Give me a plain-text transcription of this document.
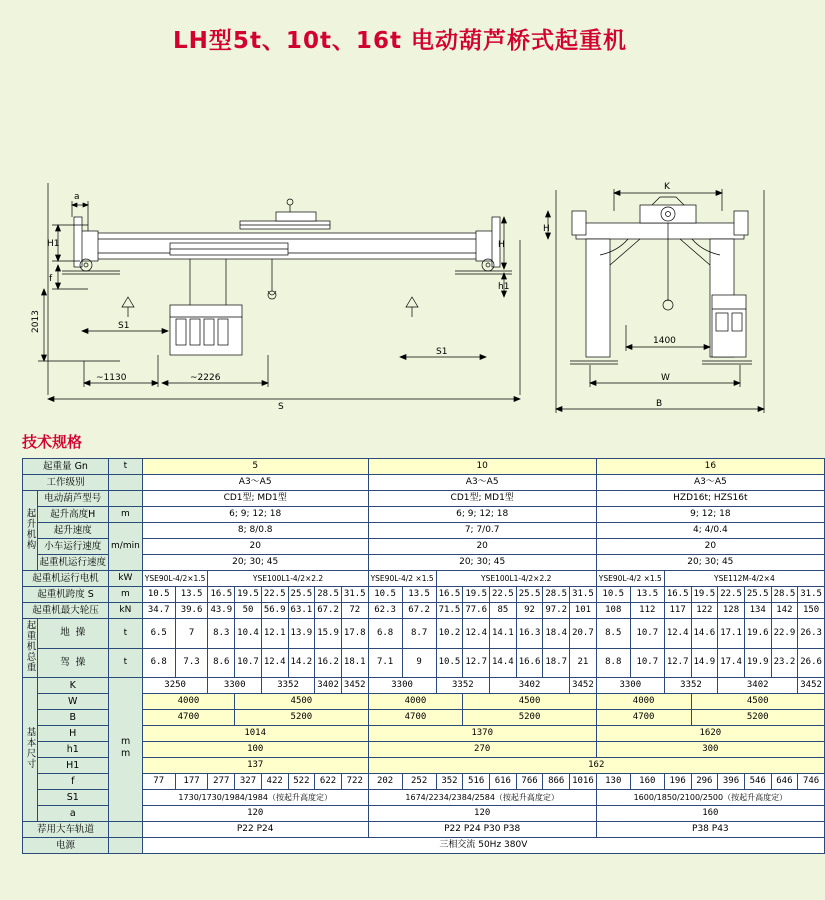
LH型5t、10t、16t 电动葫芦桥式起重机
a
H1
f
2013	S1
~1130	~2226
S
S1
H
h1
K
H
1400
W
B
技术规格
起重量 Gn		t	5								10								16							
工作级别			A3～A5								A3～A5								A3～A5							
起升机构	电动葫芦型号		CD1型; MD1型								CD1型; MD1型								HZD16t; HZS16t							
	起升高度H	m	6; 9; 12; 18								6; 9; 12; 18								9; 12; 18							
	起升速度	m/min	8; 8/0.8								7; 7/0.7								4; 4/0.4							
	小车运行速度		20								20								20							
	起重机运行速度		20; 30; 45								20; 30; 45								20; 30; 45							
起重机运行电机		kW	YSE90L-4/2×1.5		YSE100L1-4/2×2.2						YSE90L-4/2 ×1.5		YSE100L1-4/2×2.2						YSE90L-4/2 ×1.5		YSE112M-4/2×4					
起重机跨度 S		m	10.5	13.5	16.5	19.5	22.5	25.5	28.5	31.5	10.5	13.5	16.5	19.5	22.5	25.5	28.5	31.5	10.5	13.5	16.5	19.5	22.5	25.5	28.5	31.5
起重机最大轮压		kN	34.7	39.6	43.9	50	56.9	63.1	67.2	72	62.3	67.2	71.5	77.6	85	92	97.2	101	108	112	117	122	128	134	142	150
起重机总重	地 操	t	6.5	7	8.3	10.4	12.1	13.9	15.9	17.8	6.8	8.7	10.2	12.4	14.1	16.3	18.4	20.7	8.5	10.7	12.4	14.6	17.1	19.6	22.9	26.3
	驾 操	t	6.8	7.3	8.6	10.7	12.4	14.2	16.2	18.1	7.1	9	10.5	12.7	14.4	16.6	18.7	21	8.8	10.7	12.7	14.9	17.4	19.9	23.2	26.6
基本尺寸	K	mm	3250		3300		3352		3402	3452	3300		3352		3402			3452	3300		3352		3402			3452
	W		4000			4500					4000			4500					4000			4500				
	B		4700			5200					4700			5200					4700			5200				
	H		1014								1370								1620							
	h1		100								270								300							
	H1		137								162															
	f		77	177	277	327	422	522	622	722	202	252	352	516	616	766	866	1016	130	160	196	296	396	546	646	746
	S1		1730/1730/1984/1984（按起升高度定）								1674/2234/2384/2584（按起升高度定）								1600/1850/2100/2500（按起升高度定）							
	a		120								120								160							
荐用大车轨道			P22 P24								P22 P24 P30 P38								P38 P43							
电源			三相交流 50Hz 380V																							
